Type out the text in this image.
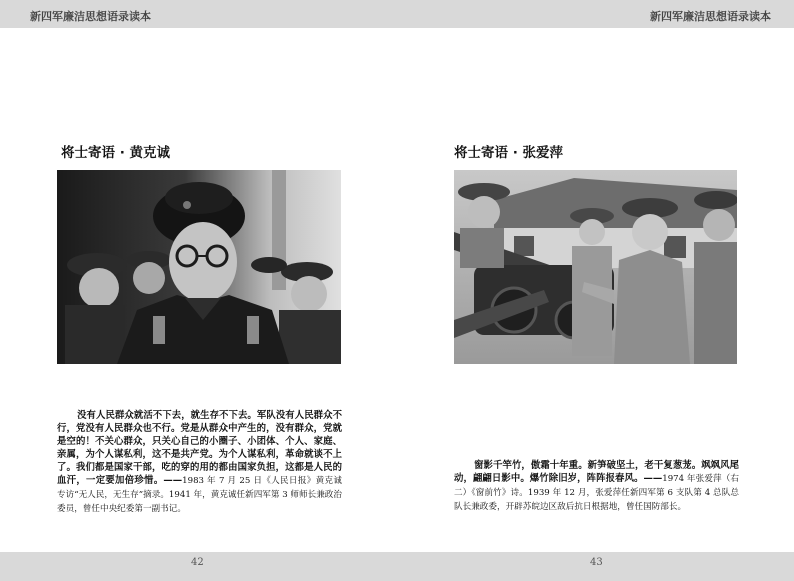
新四军廉洁思想语录读本	新四军廉洁思想语录读本
将士寄语 · 黄克诚
没有人民群众就活不下去，就生存不下去。军队没有人民群众不行，党没有人民群众也不行。党是从群众中产生的，没有群众，党就是空的！不关心群众，只关心自己的小圈子、小团体、个人、家庭、亲属，为个人谋私利，这不是共产党。为个人谋私利，革命就谈不上了。我们都是国家干部，吃的穿的用的都由国家负担，这都是人民的血汗，一定要加倍珍惜。——1983 年 7 月 25 日《人民日报》黄克诚专访“无人民，无生存”摘录。1941 年，黄克诚任新四军第 3 师师长兼政治委员，曾任中央纪委第一副书记。
将士寄语 · 张爱萍
窗影千竿竹，傲霜十年重。新笋破坚土，老干复葱茏。飒飒风尾动，翩翩日影中。爆竹除旧岁，阵阵报春风。——1974 年张爱萍（右二）《窗前竹》诗。1939 年 12 月，张爱萍任新四军第 6 支队第 4 总队总队长兼政委，开辟苏皖边区敌后抗日根据地，曾任国防部长。
42	43
